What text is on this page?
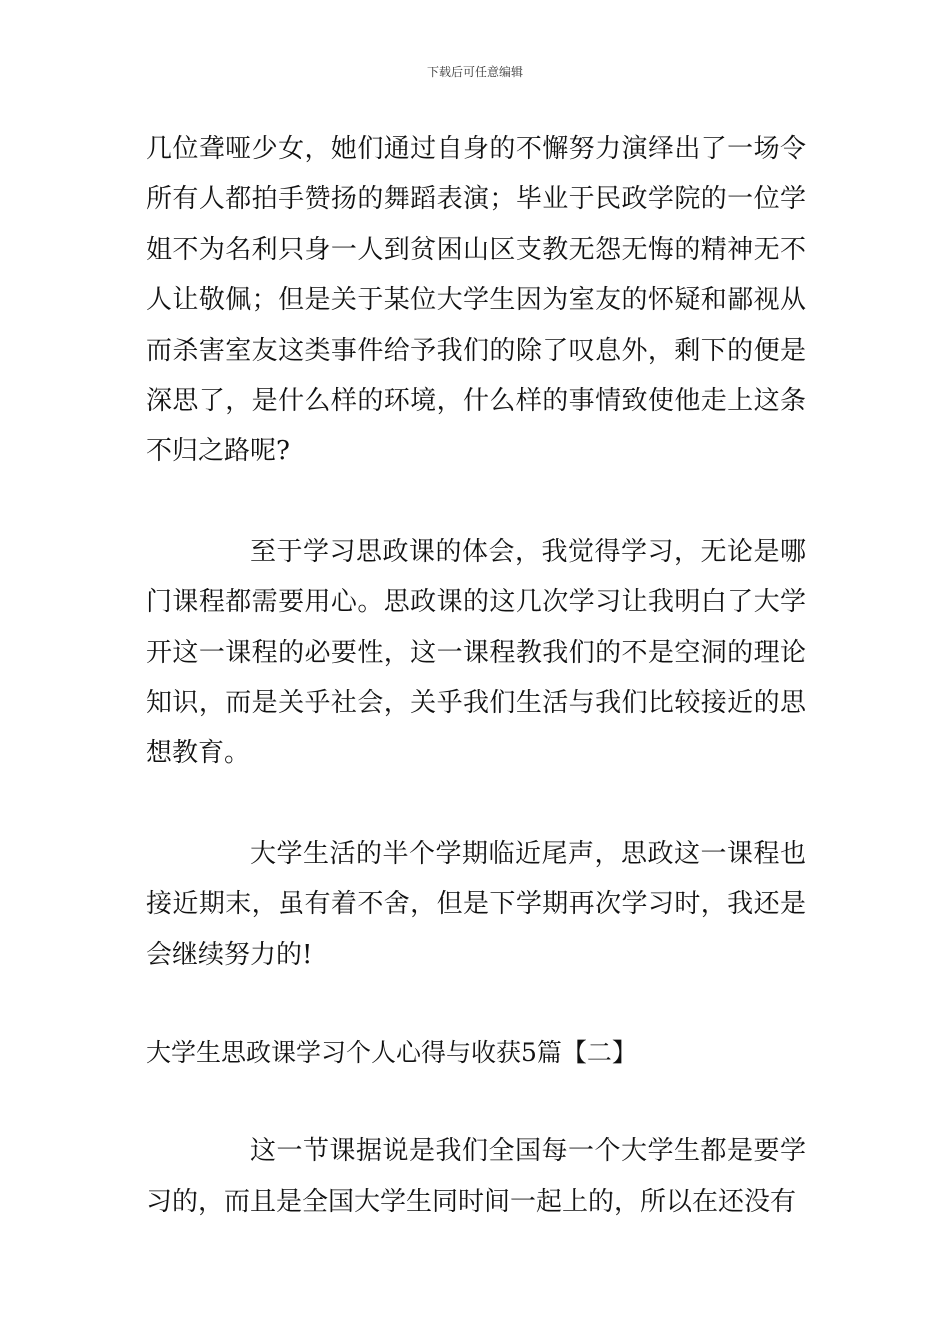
下载后可任意编辑

几位聋哑少女，她们通过自身的不懈努力演绎出了一场令所有人都拍手赞扬的舞蹈表演；毕业于民政学院的一位学姐不为名利只身一人到贫困山区支教无怨无悔的精神无不人让敬佩；但是关于某位大学生因为室友的怀疑和鄙视从而杀害室友这类事件给予我们的除了叹息外，剩下的便是深思了，是什么样的环境，什么样的事情致使他走上这条不归之路呢?

至于学习思政课的体会，我觉得学习，无论是哪门课程都需要用心。思政课的这几次学习让我明白了大学开这一课程的必要性，这一课程教我们的不是空洞的理论知识，而是关乎社会，关乎我们生活与我们比较接近的思想教育。

大学生活的半个学期临近尾声，思政这一课程也接近期末，虽有着不舍，但是下学期再次学习时，我还是会继续努力的!

大学生思政课学习个人心得与收获5篇【二】

这一节课据说是我们全国每一个大学生都是要学习的，而且是全国大学生同时间一起上的，所以在还没有
